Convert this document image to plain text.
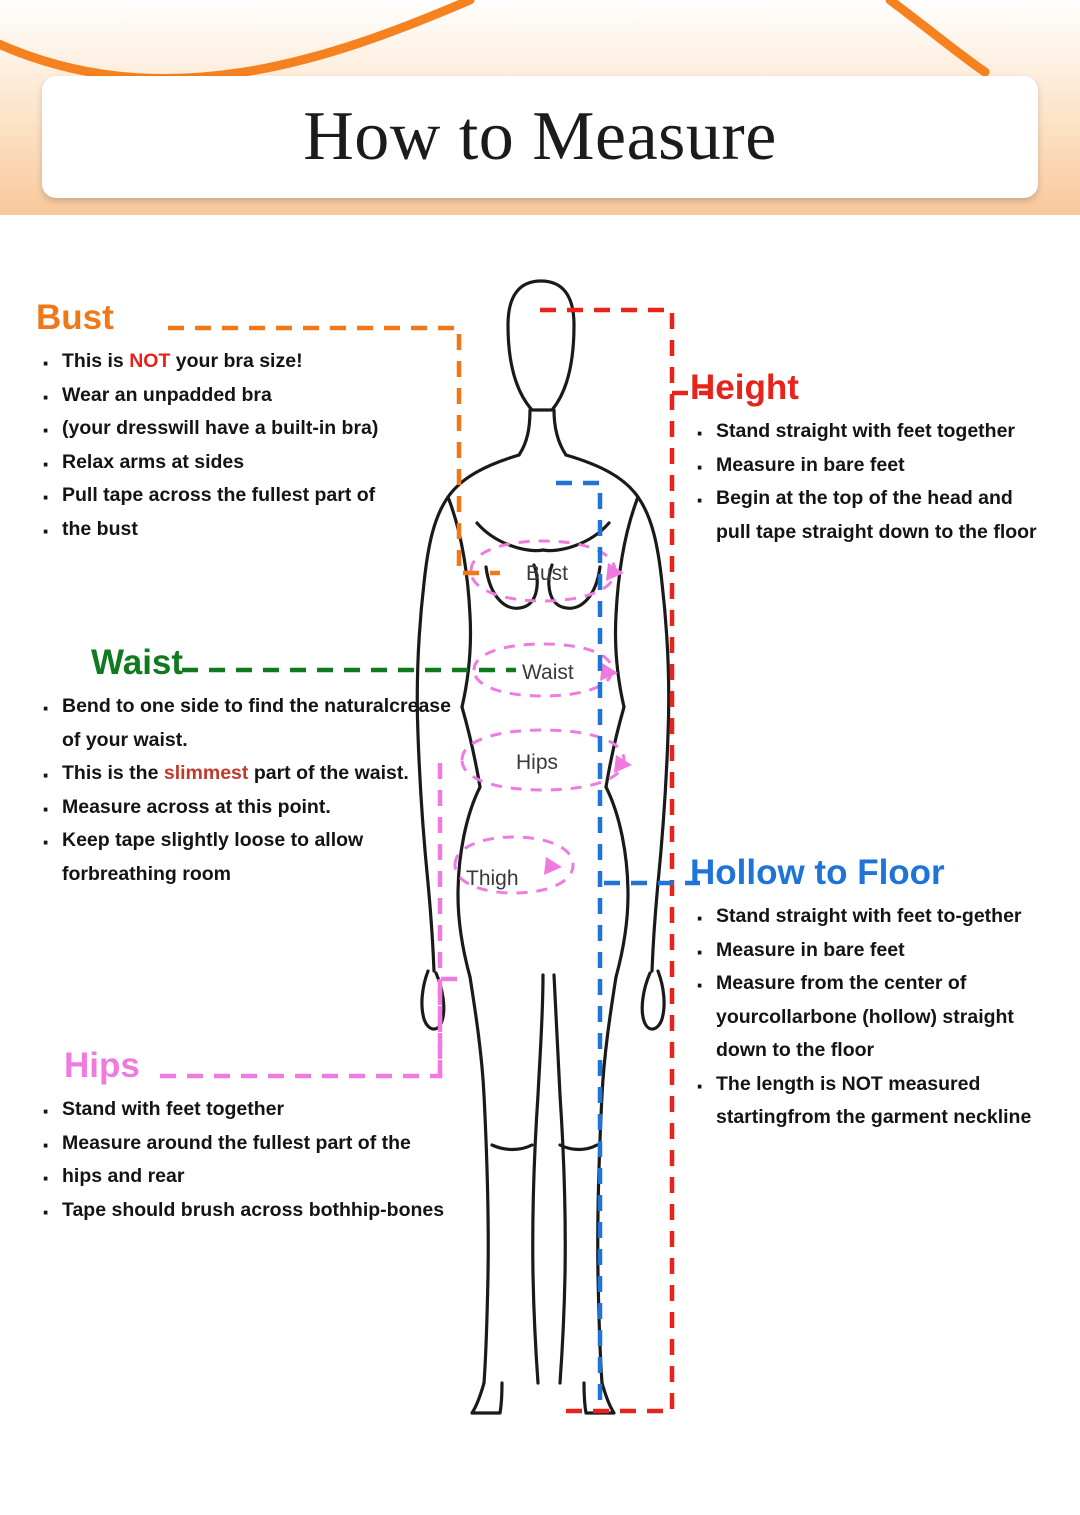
How to Measure
Bust
Waist
Hips
Thigh
Bust
· This is NOT your bra size!
· Wear an unpadded bra
· (your dresswill have a built-in bra)
· Relax arms at sides
· Pull tape across the fullest part of
· the bust
Waist
· Bend to one side to find the naturalcrease of your waist.
· This is the slimmest part of the waist.
· Measure across at this point.
· Keep tape slightly loose to allow forbreathing room
Hips
· Stand with feet together
· Measure around the fullest part of the
· hips and rear
· Tape should brush across bothhip-bones
Height
· Stand straight with feet together
· Measure in bare feet
· Begin at the top of the head and pull tape straight down to the floor
Hollow to Floor
· Stand straight with feet to-gether
· Measure in bare feet
· Measure from the center of yourcollarbone (hollow) straight down to the floor
· The length is NOT measured startingfrom the garment neckline
